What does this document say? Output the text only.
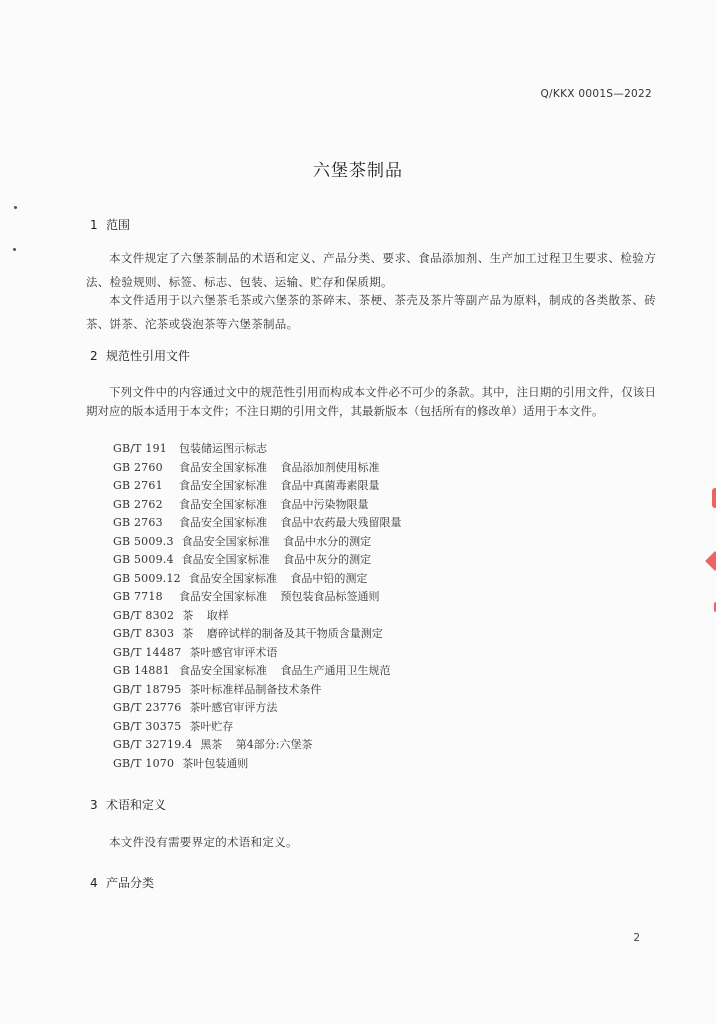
Q/KKX 0001S—2022
六堡茶制品
1 范围
本文件规定了六堡茶制品的术语和定义、产品分类、要求、食品添加剂、生产加工过程卫生要求、检验方法、检验规则、标签、标志、包装、运输、贮存和保质期。
本文件适用于以六堡茶毛茶或六堡茶的茶碎末、茶梗、茶壳及茶片等副产品为原料，制成的各类散茶、砖茶、饼茶、沱茶或袋泡茶等六堡茶制品。
2 规范性引用文件
下列文件中的内容通过文中的规范性引用而构成本文件必不可少的条款。其中，注日期的引用文件，仅该日期对应的版本适用于本文件；不注日期的引用文件，其最新版本（包括所有的修改单）适用于本文件。
GB/T 191 包装储运图示标志
GB 2760 食品安全国家标准 食品添加剂使用标准
GB 2761 食品安全国家标准 食品中真菌毒素限量
GB 2762 食品安全国家标准 食品中污染物限量
GB 2763 食品安全国家标准 食品中农药最大残留限量
GB 5009.3 食品安全国家标准 食品中水分的测定
GB 5009.4 食品安全国家标准 食品中灰分的测定
GB 5009.12 食品安全国家标准 食品中铅的测定
GB 7718 食品安全国家标准 预包装食品标签通则
GB/T 8302 茶 取样
GB/T 8303 茶 磨碎试样的制备及其干物质含量测定
GB/T 14487 茶叶感官审评术语
GB 14881 食品安全国家标准 食品生产通用卫生规范
GB/T 18795 茶叶标准样品制备技术条件
GB/T 23776 茶叶感官审评方法
GB/T 30375 茶叶贮存
GB/T 32719.4 黑茶 第4部分:六堡茶
GB/T 1070 茶叶包装通则
3 术语和定义
本文件没有需要界定的术语和定义。
4 产品分类
2
